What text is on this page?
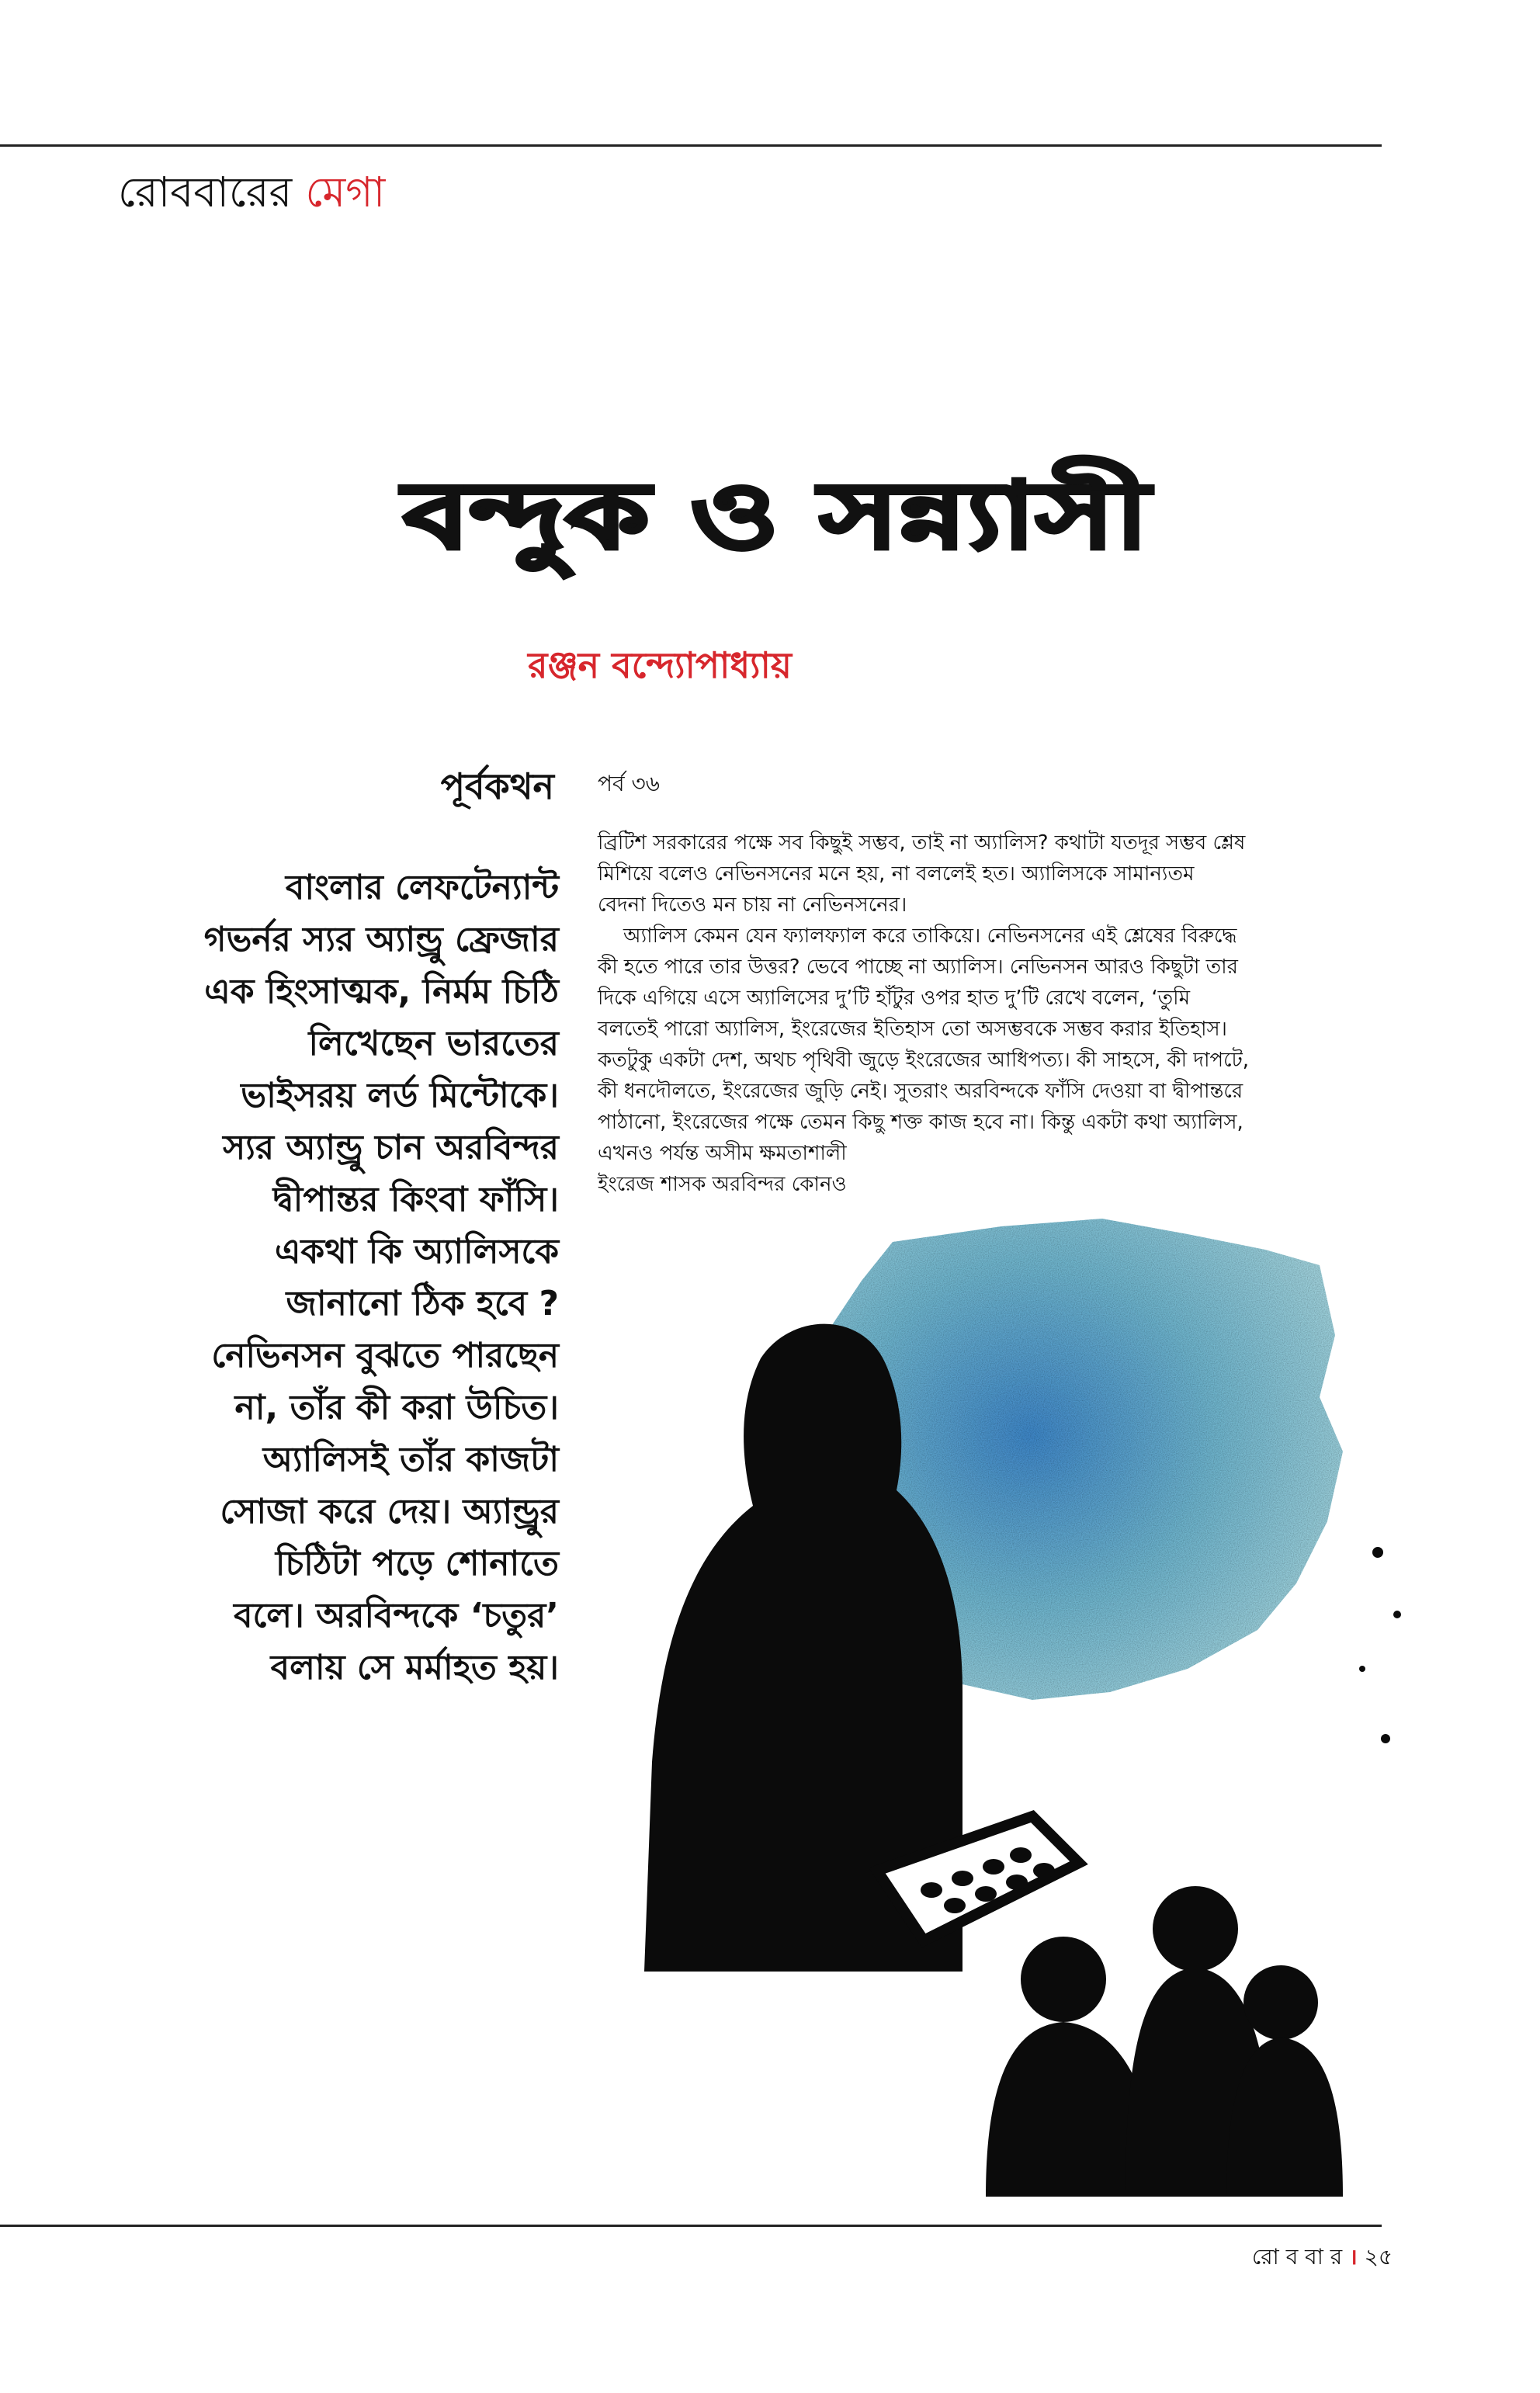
রোববারের মেগা
বন্দুক ও সন্ন্যাসী
রঞ্জন বন্দ্যোপাধ্যায়
পূর্বকথন
বাংলার লেফটেন্যান্ট
গভর্নর স্যর অ্যান্ড্রু ফ্রেজার
এক হিংসাত্মক, নির্মম চিঠি
লিখেছেন ভারতের
ভাইসরয় লর্ড মিন্টোকে।
স্যর অ্যান্ড্রু চান অরবিন্দর
দ্বীপান্তর কিংবা ফাঁসি।
একথা কি অ্যালিসকে
জানানো ঠিক হবে ?
নেভিনসন বুঝতে পারছেন
না, তাঁর কী করা উচিত।
অ্যালিসই তাঁর কাজটা
সোজা করে দেয়। অ্যান্ড্রুর
চিঠিটা পড়ে শোনাতে
বলে। অরবিন্দকে ‘চতুর’
বলায় সে মর্মাহত হয়।
পর্ব ৩৬
ব্রিটিশ সরকারের পক্ষে সব কিছুই সম্ভব, তাই না অ্যালিস? কথাটা যতদূর সম্ভব শ্লেষ
মিশিয়ে বলেও নেভিনসনের মনে হয়, না বললেই হত। অ্যালিসকে সামান্যতম
বেদনা দিতেও মন চায় না নেভিনসনের।
অ্যালিস কেমন যেন ফ্যালফ্যাল করে তাকিয়ে। নেভিনসনের এই শ্লেষের বিরুদ্ধে
কী হতে পারে তার উত্তর? ভেবে পাচ্ছে না অ্যালিস। নেভিনসন আরও কিছুটা তার
দিকে এগিয়ে এসে অ্যালিসের দু’টি হাঁটুর ওপর হাত দু’টি রেখে বলেন, ‘তুমি
বলতেই পারো অ্যালিস, ইংরেজের ইতিহাস তো অসম্ভবকে সম্ভব করার ইতিহাস।
কতটুকু একটা দেশ, অথচ পৃথিবী জুড়ে ইংরেজের আধিপত্য। কী সাহসে, কী দাপটে,
কী ধনদৌলতে, ইংরেজের জুড়ি নেই। সুতরাং অরবিন্দকে ফাঁসি দেওয়া বা দ্বীপান্তরে
পাঠানো, ইংরেজের পক্ষে তেমন কিছু শক্ত কাজ হবে না। কিন্তু একটা কথা অ্যালিস,
এখনও পর্যন্ত অসীম ক্ষমতাশালী
ইংরেজ শাসক অরবিন্দর কোনও
রো ব বা র । ২৫
